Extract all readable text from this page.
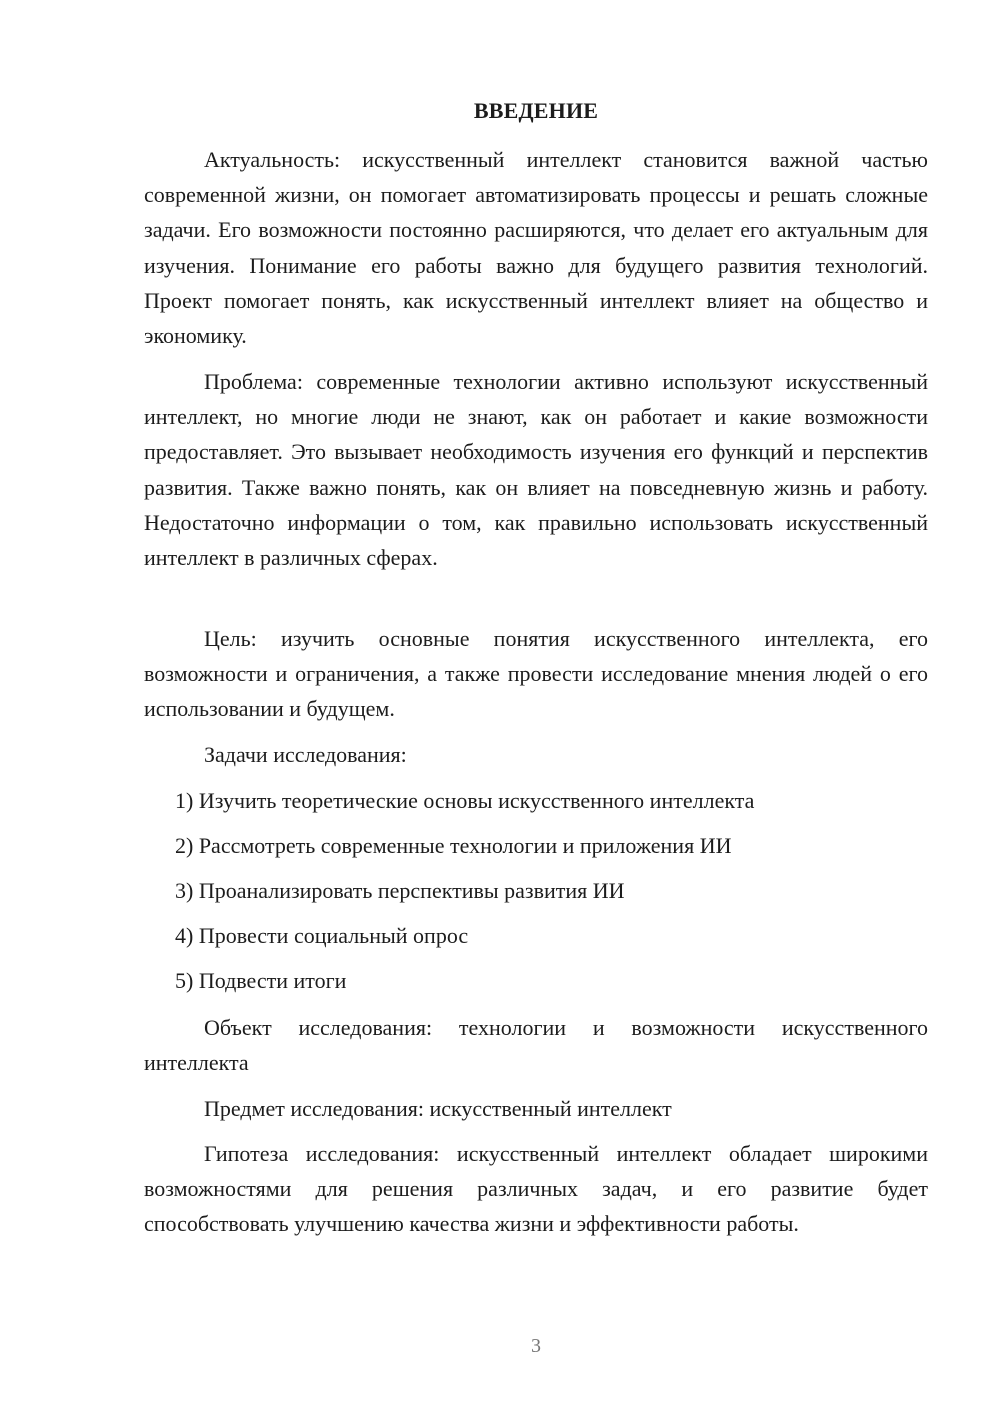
ВВЕДЕНИЕ

Актуальность: искусственный интеллект становится важной частью современной жизни, он помогает автоматизировать процессы и решать сложные задачи. Его возможности постоянно расширяются, что делает его актуальным для изучения. Понимание его работы важно для будущего развития технологий. Проект помогает понять, как искусственный интеллект влияет на общество и экономику.

Проблема: современные технологии активно используют искусственный интеллект, но многие люди не знают, как он работает и какие возможности предоставляет. Это вызывает необходимость изучения его функций и перспектив развития. Также важно понять, как он влияет на повседневную жизнь и работу. Недостаточно информации о том, как правильно использовать искусственный интеллект в различных сферах.

Цель: изучить основные понятия искусственного интеллекта, его возможности и ограничения, а также провести исследование мнения людей о его использовании и будущем.

Задачи исследования:
1) Изучить теоретические основы искусственного интеллекта
2) Рассмотреть современные технологии и приложения ИИ
3) Проанализировать перспективы развития ИИ
4) Провести социальный опрос
5) Подвести итоги

Объект исследования: технологии и возможности искусственного интеллекта

Предмет исследования: искусственный интеллект

Гипотеза исследования: искусственный интеллект обладает широкими возможностями для решения различных задач, и его развитие будет способствовать улучшению качества жизни и эффективности работы.

3
